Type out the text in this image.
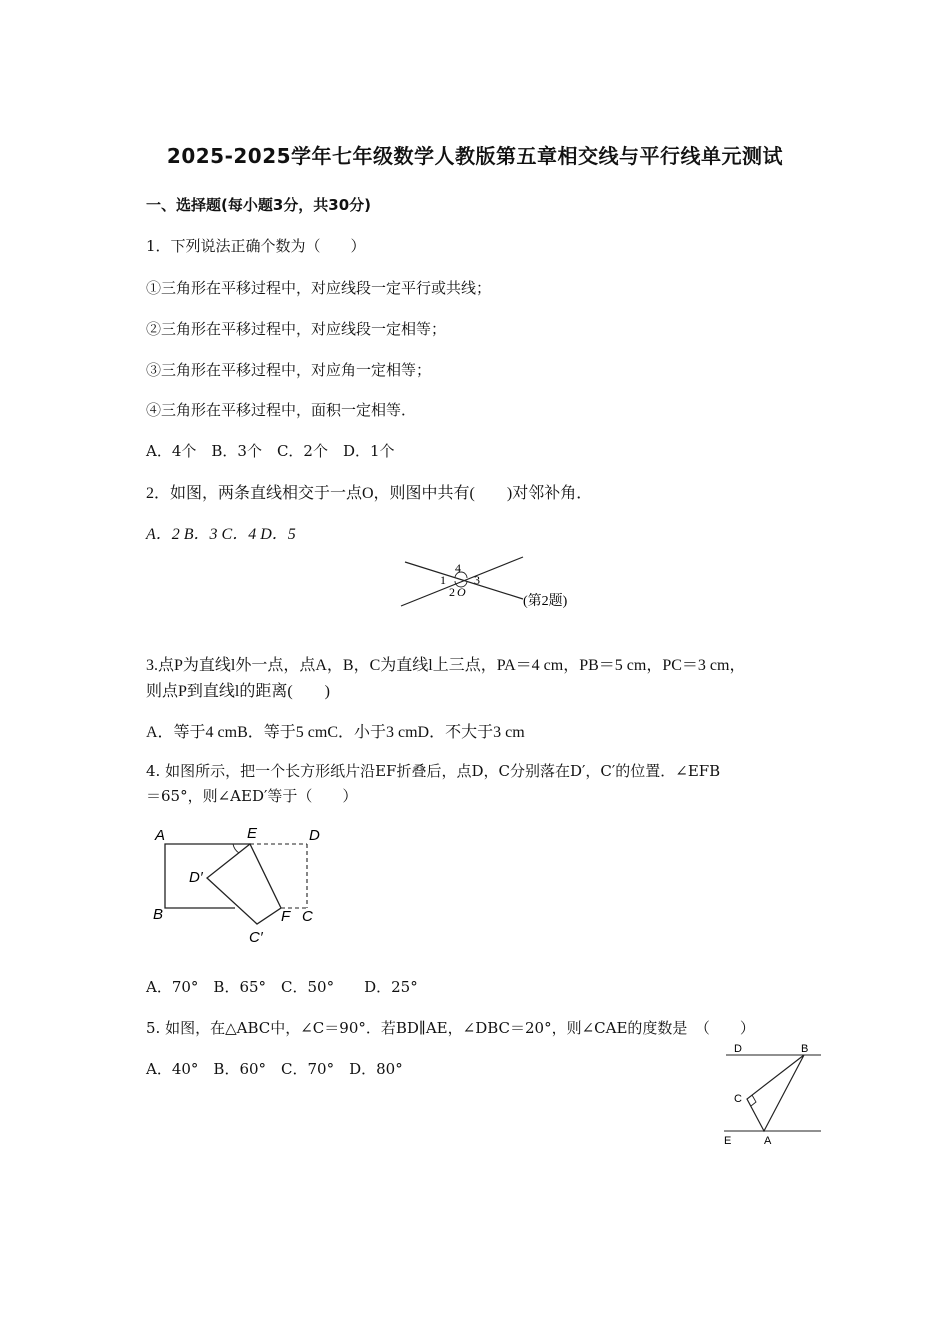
2025-2025学年七年级数学人教版第五章相交线与平行线单元测试
一、选择题(每小题3分，共30分)
1．下列说法正确个数为（　　）
①三角形在平移过程中，对应线段一定平行或共线；
②三角形在平移过程中，对应线段一定相等；
③三角形在平移过程中，对应角一定相等；
④三角形在平移过程中，面积一定相等．
A．4个　B．3个　C．2个　D．1个
2．如图，两条直线相交于一点O，则图中共有(　　)对邻补角．
A．2 B．3 C．4 D．5
4
1 3
2 O
(第2题)
3.点P为直线l外一点，点A，B，C为直线l上三点，PA＝4 cm，PB＝5 cm，PC＝3 cm，
则点P到直线l的距离(　　)
A．等于4 cmB．等于5 cmC．小于3 cmD．不大于3 cm
4. 如图所示，把一个长方形纸片沿EF折叠后，点D，C分别落在D′，C′的位置．∠EFB
＝65°，则∠AED′等于（　　）
A	E	D
D′
B	F C
C′
A．70°　B．65°　C．50°　　D．25°
5. 如图，在△ABC中，∠C＝90°．若BD∥AE，∠DBC＝20°，则∠CAE的度数是　（　　）
A．40°　B．60°　C．70°　D．80°
D	B
C
E	A
